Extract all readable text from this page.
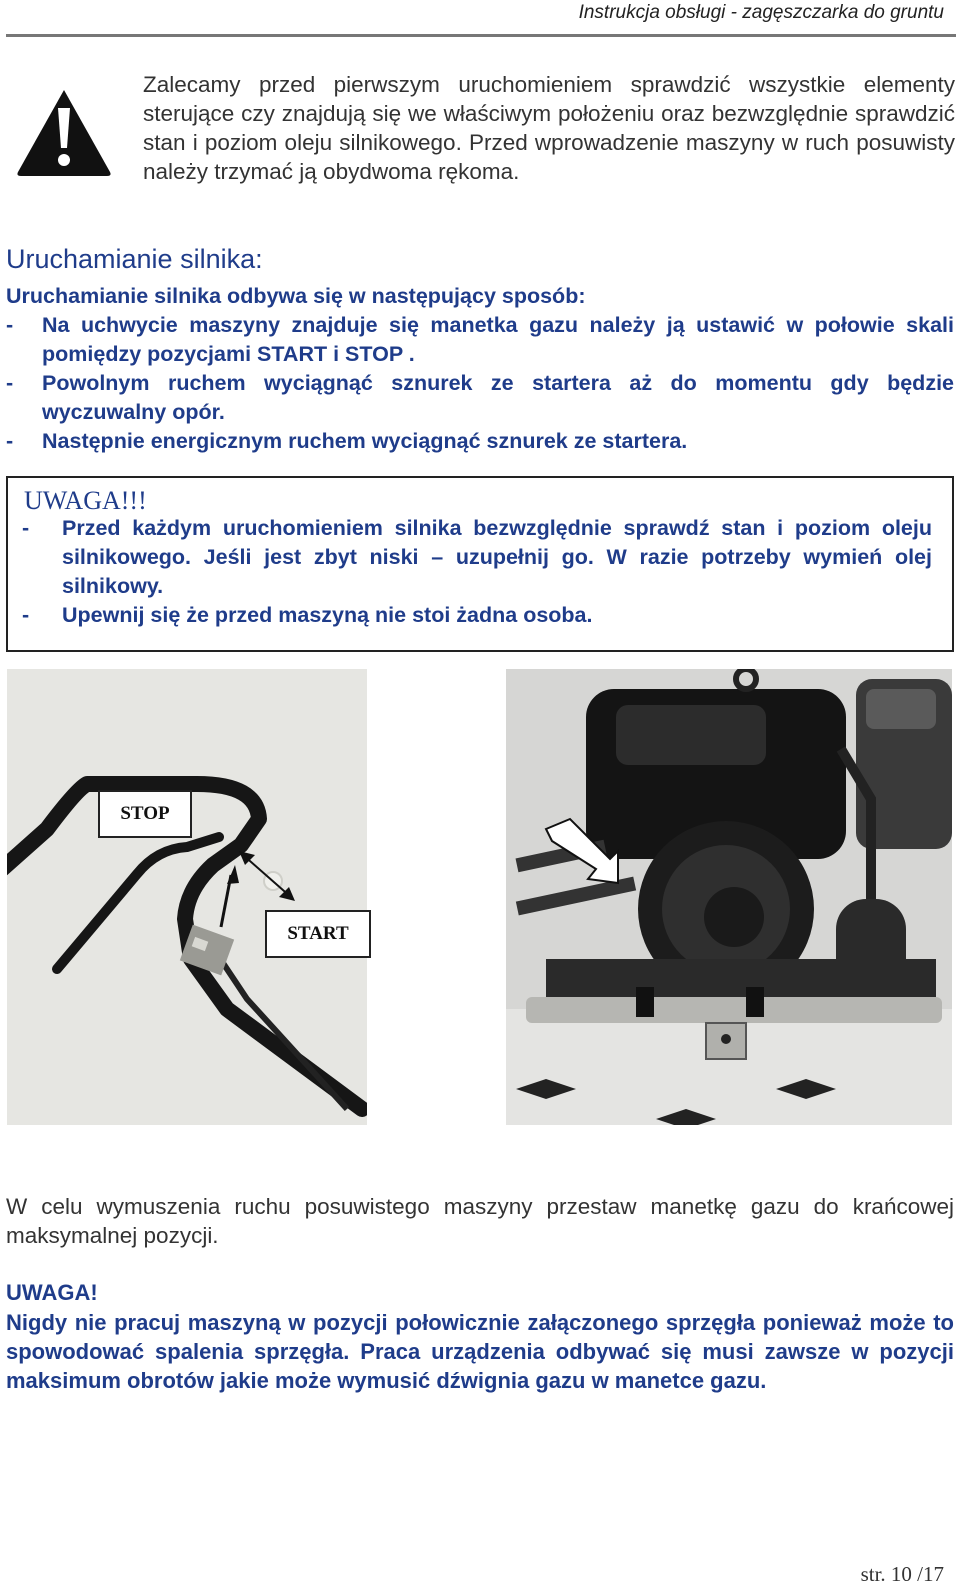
Instrukcja obsługi - zagęszczarka do gruntu
Zalecamy przed pierwszym uruchomieniem sprawdzić wszystkie elementy sterujące czy znajdują się we właściwym położeniu oraz bezwzględnie sprawdzić stan i poziom oleju silnikowego. Przed wprowadzenie maszyny w ruch posuwisty należy trzymać ją obydwoma rękoma.
Uruchamianie silnika:

Uruchamianie silnika odbywa się w następujący sposób:

-	Na uchwycie maszyny znajduje się manetka gazu należy ją ustawić w połowie skali pomiędzy pozycjami START i STOP .

-	Powolnym ruchem wyciągnąć sznurek ze startera aż do momentu gdy będzie wyczuwalny opór.

-	Następnie energicznym ruchem wyciągnąć sznurek ze startera.

UWAGA!!!
-	Przed każdym uruchomieniem silnika bezwzględnie sprawdź stan i poziom oleju silnikowego. Jeśli jest zbyt niski – uzupełnij go. W razie potrzeby wymień olej silnikowy.
-	Upewnij się że przed maszyną nie stoi żadna osoba.
STOP
START
W celu wymuszenia ruchu posuwistego maszyny przestaw manetkę gazu do krańcowej maksymalnej pozycji.
UWAGA!
Nigdy nie pracuj maszyną w pozycji połowicznie załączonego sprzęgła ponieważ może to spowodować spalenia sprzęgła. Praca urządzenia odbywać się musi zawsze w pozycji maksimum obrotów jakie może wymusić dźwignia gazu w manetce gazu.
str. 10 /17
